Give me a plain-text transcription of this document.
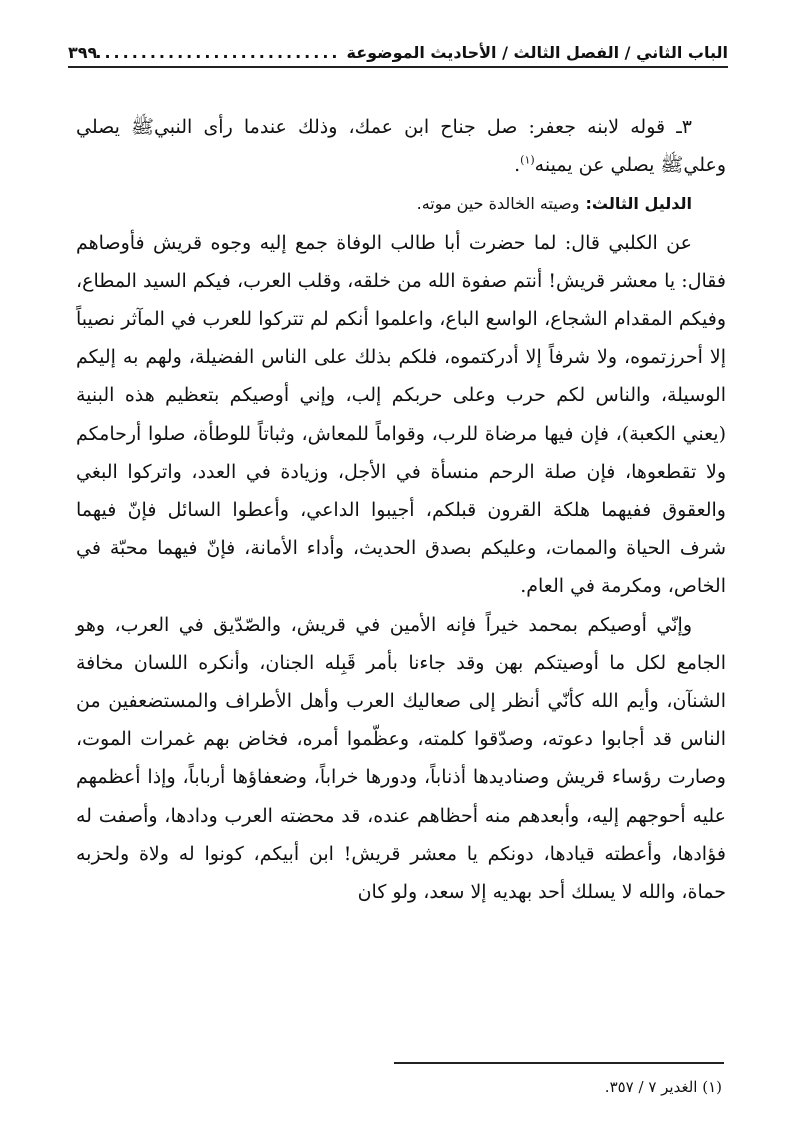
الباب الثاني / الفصل الثالث / الأحاديث الموضوعة
.....
٣٩٩

٣ـ قوله لابنه جعفر: صل جناح ابن عمك، وذلك عندما رأى النبيﷺ يصلي وعليﷺ يصلي عن يمينه$^{(١)}$.

الدليل الثالث: وصيته الخالدة حين موته.

عن الكلبي قال: لما حضرت أبا طالب الوفاة جمع إليه وجوه قريش فأوصاهم فقال: يا معشر قريش! أنتم صفوة الله من خلقه، وقلب العرب، فيكم السيد المطاع، وفيكم المقدام الشجاع، الواسع الباع، واعلموا أنكم لم تتركوا للعرب في المآثر نصيباً إلا أحرزتموه، ولا شرفاً إلا أدركتموه، فلكم بذلك على الناس الفضيلة، ولهم به إليكم الوسيلة، والناس لكم حرب وعلى حربكم إلب، وإني أوصيكم بتعظيم هذه البنية (يعني الكعبة)، فإن فيها مرضاة للرب، وقواماً للمعاش، وثباتاً للوطأة، صلوا أرحامكم ولا تقطعوها، فإن صلة الرحم منسأة في الأجل، وزيادة في العدد، واتركوا البغي والعقوق ففيهما هلكة القرون قبلكم، أجيبوا الداعي، وأعطوا السائل فإنّ فيهما شرف الحياة والممات، وعليكم بصدق الحديث، وأداء الأمانة، فإنّ فيهما محبّة في الخاص، ومكرمة في العام.

وإنّي أوصيكم بمحمد خيراً فإنه الأمين في قريش، والصّدّيق في العرب، وهو الجامع لكل ما أوصيتكم بهن وقد جاءنا بأمر قَبِله الجنان، وأنكره اللسان مخافة الشنآن، وأيم الله كأنّي أنظر إلى صعاليك العرب وأهل الأطراف والمستضعفين من الناس قد أجابوا دعوته، وصدّقوا كلمته، وعظّموا أمره، فخاض بهم غمرات الموت، وصارت رؤساء قريش وصناديدها أذناباً، ودورها خراباً، وضعفاؤها أرباباً، وإذا أعظمهم عليه أحوجهم إليه، وأبعدهم منه أحظاهم عنده، قد محضته العرب ودادها، وأصفت له فؤادها، وأعطته قيادها، دونكم يا معشر قريش! ابن أبيكم، كونوا له ولاة ولحزبه حماة، والله لا يسلك أحد بهديه إلا سعد، ولو كان

(١) الغدير ٧ / ٣٥٧.
